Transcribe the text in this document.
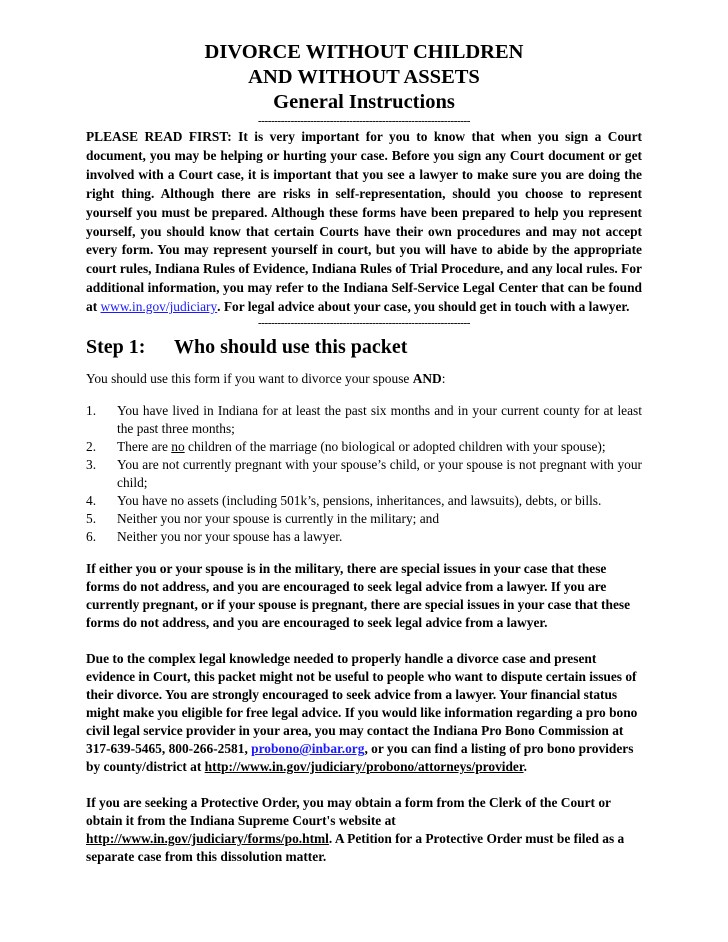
DIVORCE WITHOUT CHILDREN
AND WITHOUT ASSETS
General Instructions
-----------------------------------------------------------------

PLEASE READ FIRST: It is very important for you to know that when you sign a Court document, you may be helping or hurting your case. Before you sign any Court document or get involved with a Court case, it is important that you see a lawyer to make sure you are doing the right thing. Although there are risks in self-representation, should you choose to represent yourself you must be prepared. Although these forms have been prepared to help you represent yourself, you should know that certain Courts have their own procedures and may not accept every form. You may represent yourself in court, but you will have to abide by the appropriate court rules, Indiana Rules of Evidence, Indiana Rules of Trial Procedure, and any local rules. For additional information, you may refer to the Indiana Self-Service Legal Center that can be found at www.in.gov/judiciary. For legal advice about your case, you should get in touch with a lawyer.

-----------------------------------------------------------------
Step 1:	Who should use this packet

You should use this form if you want to divorce your spouse AND:

1.	You have lived in Indiana for at least the past six months and in your current county for at least the past three months;
2.	There are no children of the marriage (no biological or adopted children with your spouse);
3.	You are not currently pregnant with your spouse’s child, or your spouse is not pregnant with your child;
4.	You have no assets (including 501k’s, pensions, inheritances, and lawsuits), debts, or bills.
5.	Neither you nor your spouse is currently in the military; and
6.	Neither you nor your spouse has a lawyer.

If either you or your spouse is in the military, there are special issues in your case that these forms do not address, and you are encouraged to seek legal advice from a lawyer. If you are currently pregnant, or if your spouse is pregnant, there are special issues in your case that these forms do not address, and you are encouraged to seek legal advice from a lawyer.

Due to the complex legal knowledge needed to properly handle a divorce case and present evidence in Court, this packet might not be useful to people who want to dispute certain issues of their divorce. You are strongly encouraged to seek advice from a lawyer. Your financial status might make you eligible for free legal advice. If you would like information regarding a pro bono civil legal service provider in your area, you may contact the Indiana Pro Bono Commission at 317-639-5465, 800-266-2581, probono@inbar.org, or you can find a listing of pro bono providers by county/district at http://www.in.gov/judiciary/probono/attorneys/provider.

If you are seeking a Protective Order, you may obtain a form from the Clerk of the Court or obtain it from the Indiana Supreme Court's website at http://www.in.gov/judiciary/forms/po.html. A Petition for a Protective Order must be filed as a separate case from this dissolution matter.
